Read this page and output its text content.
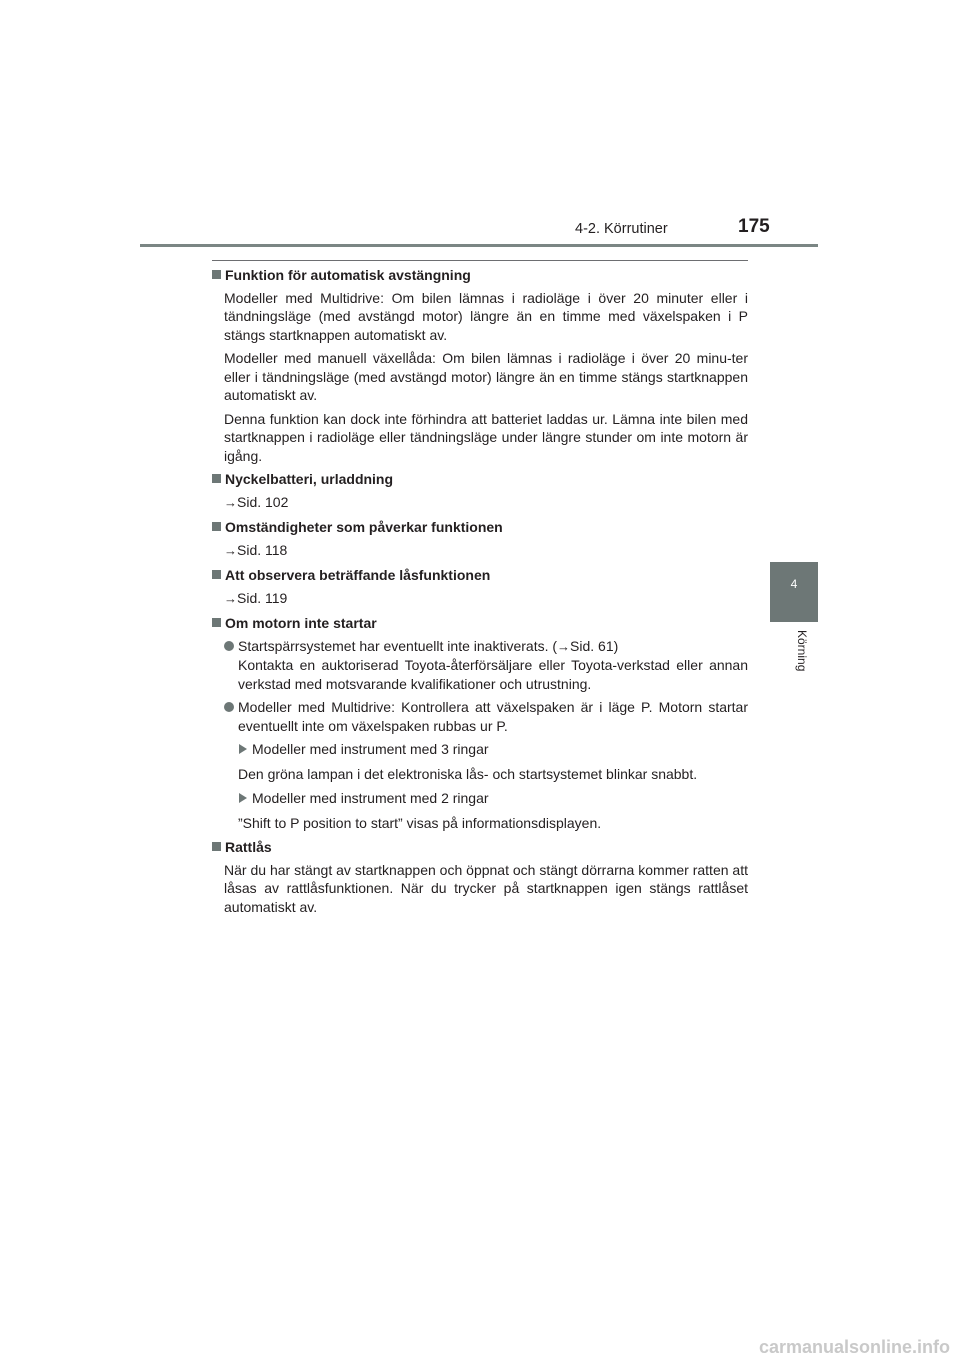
4-2. Körrutiner	175
4
Körning
Funktion för automatisk avstängning
Modeller med Multidrive: Om bilen lämnas i radioläge i över 20 minuter eller i tändningsläge (med avstängd motor) längre än en timme med växelspaken i P stängs startknappen automatiskt av.
Modeller med manuell växellåda: Om bilen lämnas i radioläge i över 20 minu-ter eller i tändningsläge (med avstängd motor) längre än en timme stängs startknappen automatiskt av.
Denna funktion kan dock inte förhindra att batteriet laddas ur. Lämna inte bilen med startknappen i radioläge eller tändningsläge under längre stunder om inte motorn är igång.
Nyckelbatteri, urladdning
→Sid. 102
Omständigheter som påverkar funktionen
→Sid. 118
Att observera beträffande låsfunktionen
→Sid. 119
Om motorn inte startar
Startspärrsystemet har eventuellt inte inaktiverats. (→Sid. 61)
Kontakta en auktoriserad Toyota-återförsäljare eller Toyota-verkstad eller annan verkstad med motsvarande kvalifikationer och utrustning.
Modeller med Multidrive: Kontrollera att växelspaken är i läge P. Motorn startar eventuellt inte om växelspaken rubbas ur P.
Modeller med instrument med 3 ringar
Den gröna lampan i det elektroniska lås- och startsystemet blinkar snabbt.
Modeller med instrument med 2 ringar
”Shift to P position to start” visas på informationsdisplayen.
Rattlås
När du har stängt av startknappen och öppnat och stängt dörrarna kommer ratten att låsas av rattlåsfunktionen. När du trycker på startknappen igen stängs rattlåset automatiskt av.
carmanualsonline.info
